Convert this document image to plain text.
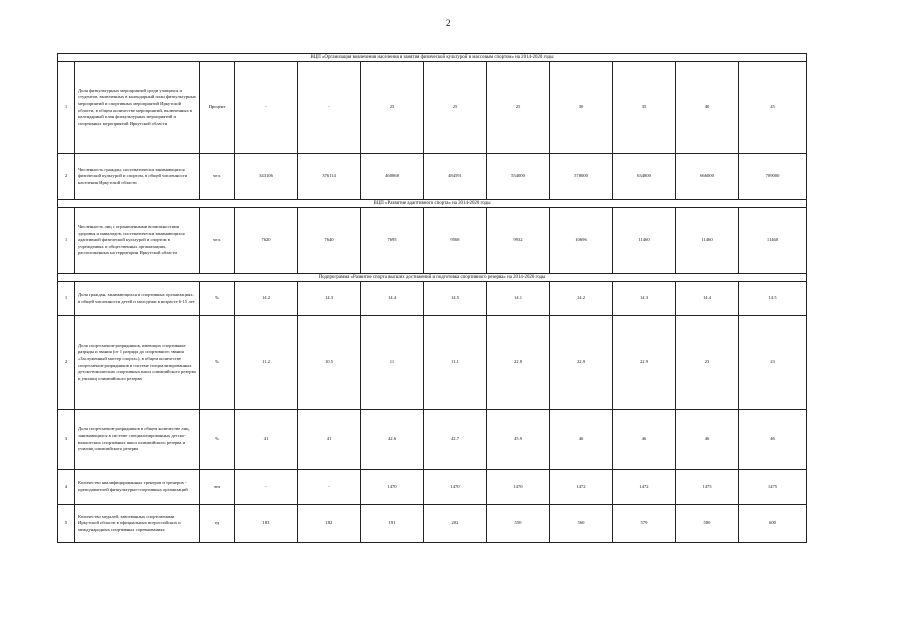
2
ВЦП «Организация вовлечения населения в занятия физической культурой и массовым спортом» на 2014-2020 годы											
1	Доля физкультурных мероприятий среди учащихся и студентов, включенных в календарный план физкультурных мероприятий и спортивных мероприятий Иркутской области, в общем количестве мероприятий, включенных в календарный план физкультурных мероприятий и спортивных мероприятий Иркутской области	Процент	-	-	25	25	25	30	35	40	45
2	Численность граждан, систематически занимающихся физической культурой и спортом, в общей численности населения Иркутской области	чел.	343106	376114	460868	484591	554000	578000	634800	666000	709000
ВЦП «Развитие адаптивного спорта» на 2014-2020 годы											
1	Численность лиц с ограниченными возможностями здоровья и инвалидов, систематически занимающихся адаптивной физической культурой и спортом в учреждениях и общественных организациях, расположенных на территории Иркутской области	чел.	7620	7640	7695	9568	9932	10696	11460	11460	11460
Подпрограмма «Развитие спорта высших достижений и подготовка спортивного резерва» на 2014-2020 годы											
1	Доля граждан, занимающихся в спортивных организациях, в общей численности детей и молодежи в возрасте 6-15 лет	%	14.2	14.3	14.4	14.5	14.1	14.2	14.3	14.4	14.5
2	Доля спортсменов-разрядников, имеющих спортивные разряды и звания (от 1 разряда до спортивного звания «Заслуженный мастер спорта»), в общем количестве спортсменов-разрядников в системе специализированных детско-юношеских спортивных школ олимпийского резерва и училищ олимпийского резерва	%	11.2	10.5	11	11.1	22.8	22.9	22.9	23	23
3	Доля спортсменов-разрядников в общем количестве лиц, занимающихся в системе специализированных детско-юношеских спортивных школ олимпийского резерва и училищ олимпийского резерва	%	41	41	42.6	42.7	45.9	46	46	46	46
4	Количество квалифицированных тренеров и тренеров - преподавателей физкультурно-спортивных организаций	чел	-	-	1470	1470	1470	1472	1472	1475	1475
5	Количество медалей, завоеванных спортсменами Иркутской области в официальных всероссийских и международных спортивных соревнованиях	ед	183	182	191	202	550	560	579	580	600
